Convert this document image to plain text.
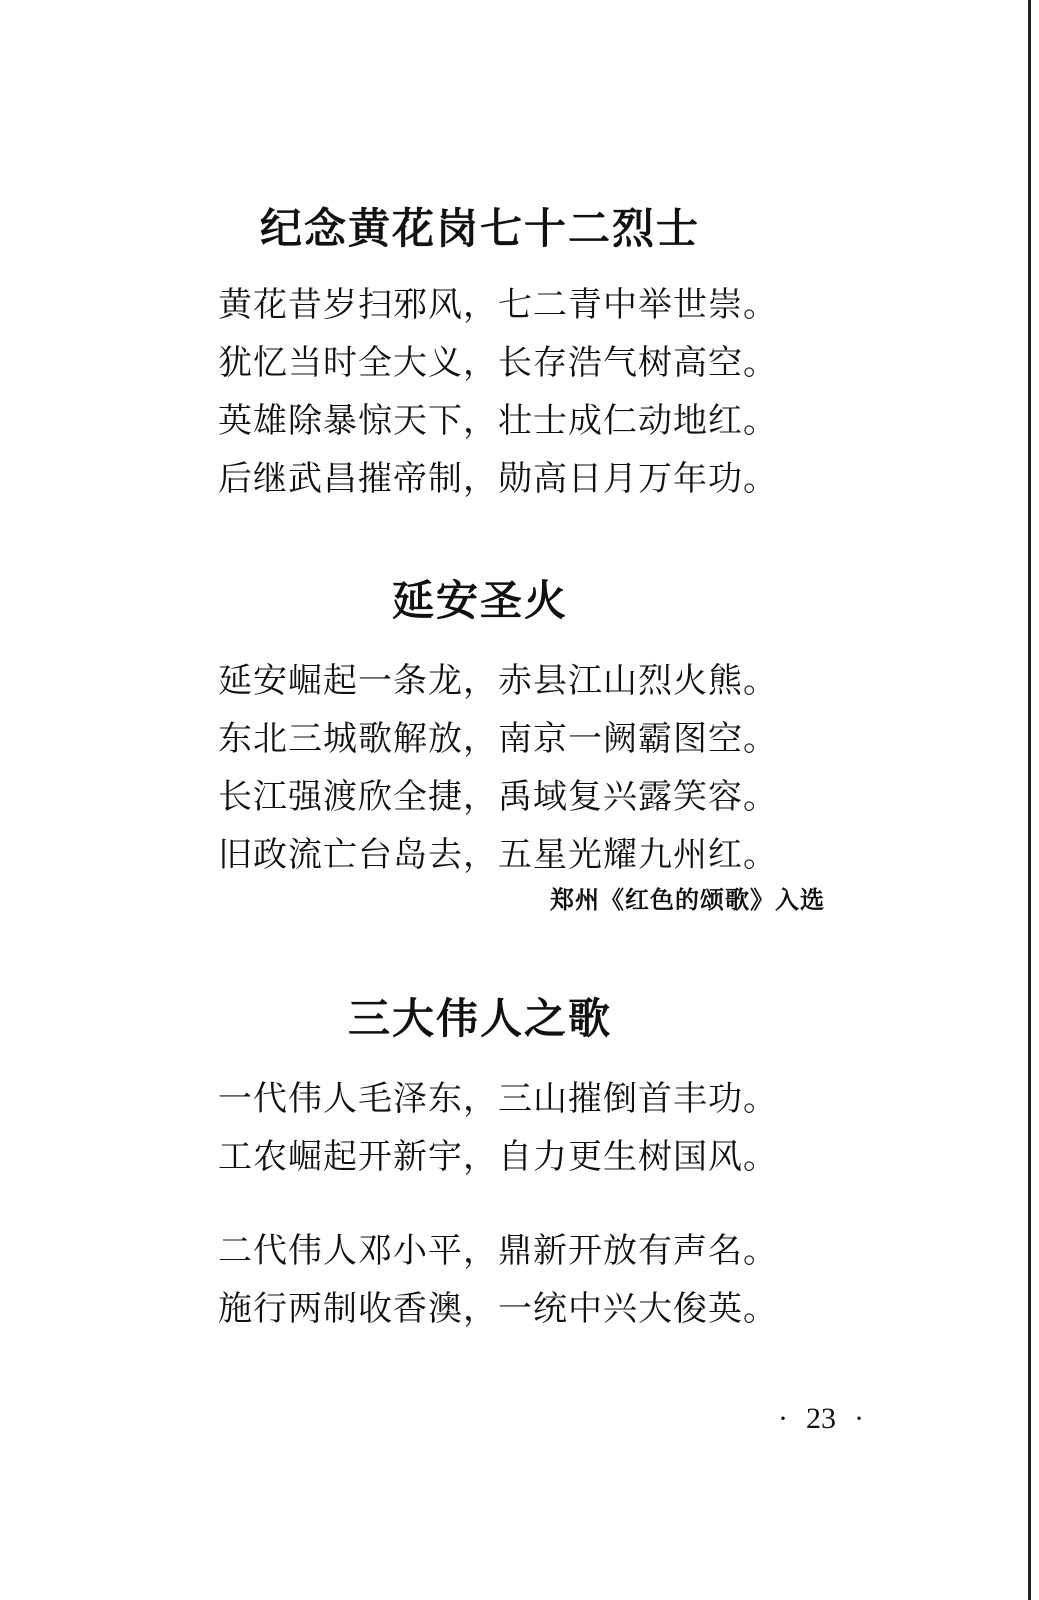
纪念黄花岗七十二烈士
黄花昔岁扫邪风，七二青中举世崇。
犹忆当时全大义，长存浩气树高空。
英雄除暴惊天下，壮士成仁动地红。
后继武昌摧帝制，勋高日月万年功。
延安圣火
延安崛起一条龙，赤县江山烈火熊。
东北三城歌解放，南京一阙霸图空。
长江强渡欣全捷，禹域复兴露笑容。
旧政流亡台岛去，五星光耀九州红。
郑州《红色的颂歌》入选
三大伟人之歌
一代伟人毛泽东，三山摧倒首丰功。
工农崛起开新宇，自力更生树国风。
二代伟人邓小平，鼎新开放有声名。
施行两制收香澳，一统中兴大俊英。
· 23 ·
